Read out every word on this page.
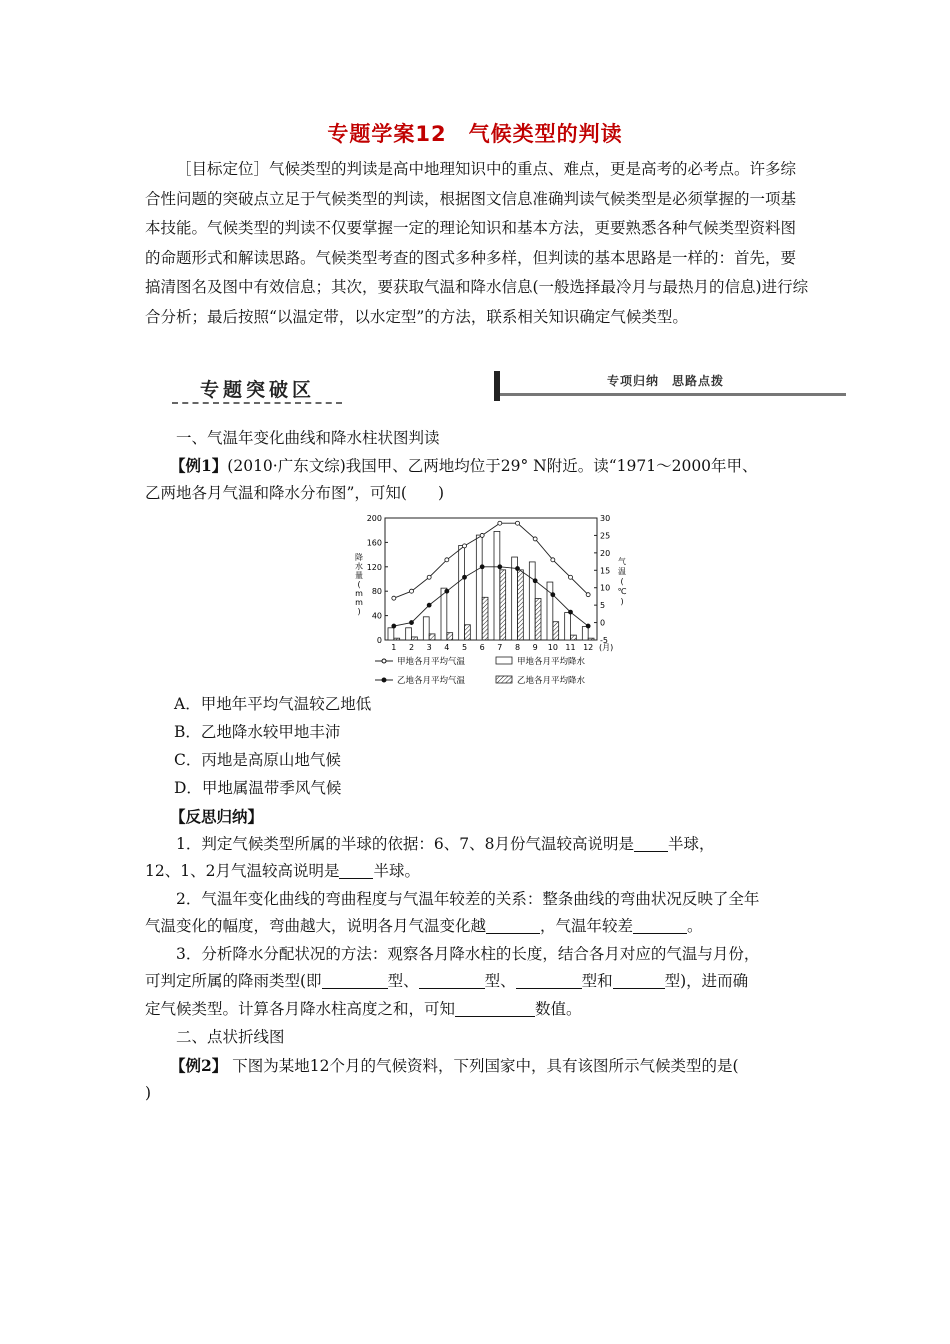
专题学案12　气候类型的判读

［目标定位］气候类型的判读是高中地理知识中的重点、难点，更是高考的必考点。许多综合性问题的突破点立足于气候类型的判读，根据图文信息准确判读气候类型是必须掌握的一项基本技能。气候类型的判读不仅要掌握一定的理论知识和基本方法，更要熟悉各种气候类型资料图的命题形式和解读思路。气候类型考查的图式多种多样，但判读的基本思路是一样的：首先，要搞清图名及图中有效信息；其次，要获取气温和降水信息(一般选择最冷月与最热月的信息)进行综合分析；最后按照“以温定带，以水定型”的方法，联系相关知识确定气候类型。

专题突破区	专项归纳　思路点拨
一、气温年变化曲线和降水柱状图判读
【例1】(2010·广东文综)我国甲、乙两地均位于29° N附近。读“1971～2000年甲、
乙两地各月气温和降水分布图”，可知(　　)
0
40
80
120
160
200
-5
0
5
10
15
20
25
30
降
水
量
(
m
m
)
气
温
(
℃
)
1 2 3 4 5 6 7 8 9 10 11 12 (月)
甲地各月平均气温	甲地各月平均降水
乙地各月平均气温	乙地各月平均降水
A．甲地年平均气温较乙地低
B．乙地降水较甲地丰沛
C．丙地是高原山地气候
D．甲地属温带季风气候
【反思归纳】
1．判定气候类型所属的半球的依据：6、7、8月份气温较高说明是 半球，
12、1、2月气温较高说明是 半球。
2．气温年变化曲线的弯曲程度与气温年较差的关系：整条曲线的弯曲状况反映了全年
气温变化的幅度，弯曲越大，说明各月气温变化越	，气温年较差	。
3．分析降水分配状况的方法：观察各月降水柱的长度，结合各月对应的气温与月份，
可判定所属的降雨类型(即	型、	型、	型和	型)，进而确
定气候类型。计算各月降水柱高度之和，可知	数值。
二、点状折线图
【例2】 下图为某地12个月的气候资料，下列国家中，具有该图所示气候类型的是(
)
